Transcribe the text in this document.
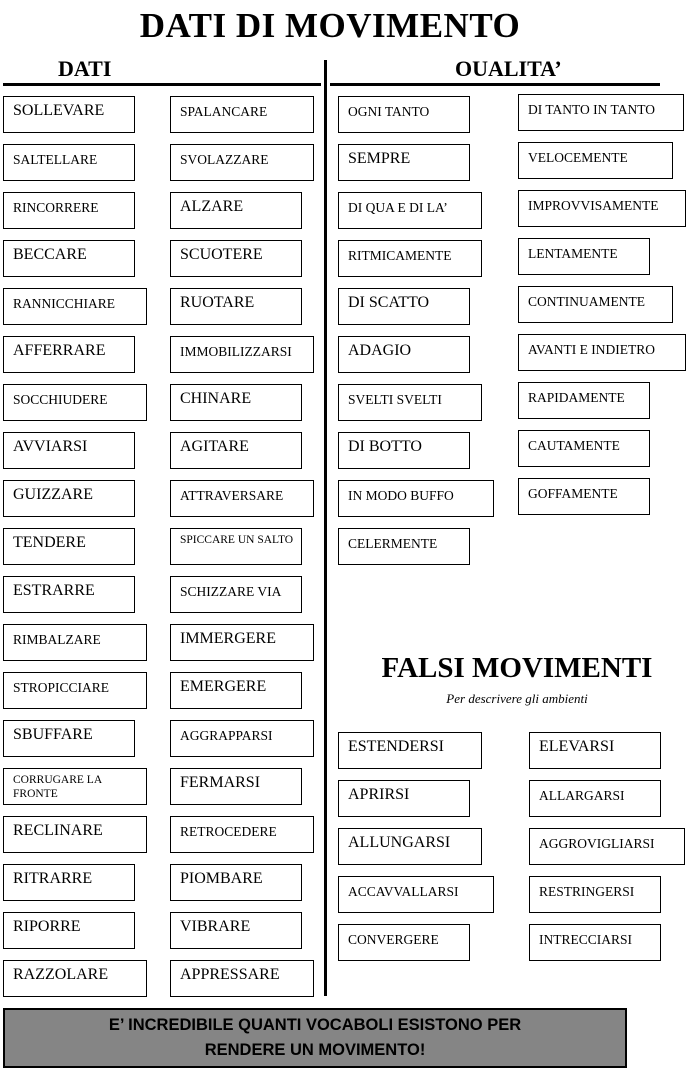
DATI DI MOVIMENTO
DATI	OUALITA’
SOLLEVARE
SALTELLARE
RINCORRERE
BECCARE
RANNICCHIARE
AFFERRARE
SOCCHIUDERE
AVVIARSI
GUIZZARE
TENDERE
ESTRARRE
RIMBALZARE
STROPICCIARE
SBUFFARE
CORRUGARE LA FRONTE
RECLINARE
RITRARRE
RIPORRE
RAZZOLARE
SPALANCARE
SVOLAZZARE
ALZARE
SCUOTERE
RUOTARE
IMMOBILIZZARSI
CHINARE
AGITARE
ATTRAVERSARE
SPICCARE UN SALTO
SCHIZZARE VIA
IMMERGERE
EMERGERE
AGGRAPPARSI
FERMARSI
RETROCEDERE
PIOMBARE
VIBRARE
APPRESSARE
OGNI TANTO
SEMPRE
DI QUA E DI LA’
RITMICAMENTE
DI SCATTO
ADAGIO
SVELTI SVELTI
DI BOTTO
IN MODO BUFFO
CELERMENTE
DI TANTO IN TANTO
VELOCEMENTE
IMPROVVISAMENTE
LENTAMENTE
CONTINUAMENTE
AVANTI E INDIETRO
RAPIDAMENTE
CAUTAMENTE
GOFFAMENTE
FALSI MOVIMENTI
Per descrivere gli ambienti
ESTENDERSI
APRIRSI
ALLUNGARSI
ACCAVVALLARSI
CONVERGERE
ELEVARSI
ALLARGARSI
AGGROVIGLIARSI
RESTRINGERSI
INTRECCIARSI
E’ INCREDIBILE QUANTI VOCABOLI ESISTONO PER
RENDERE UN MOVIMENTO!
